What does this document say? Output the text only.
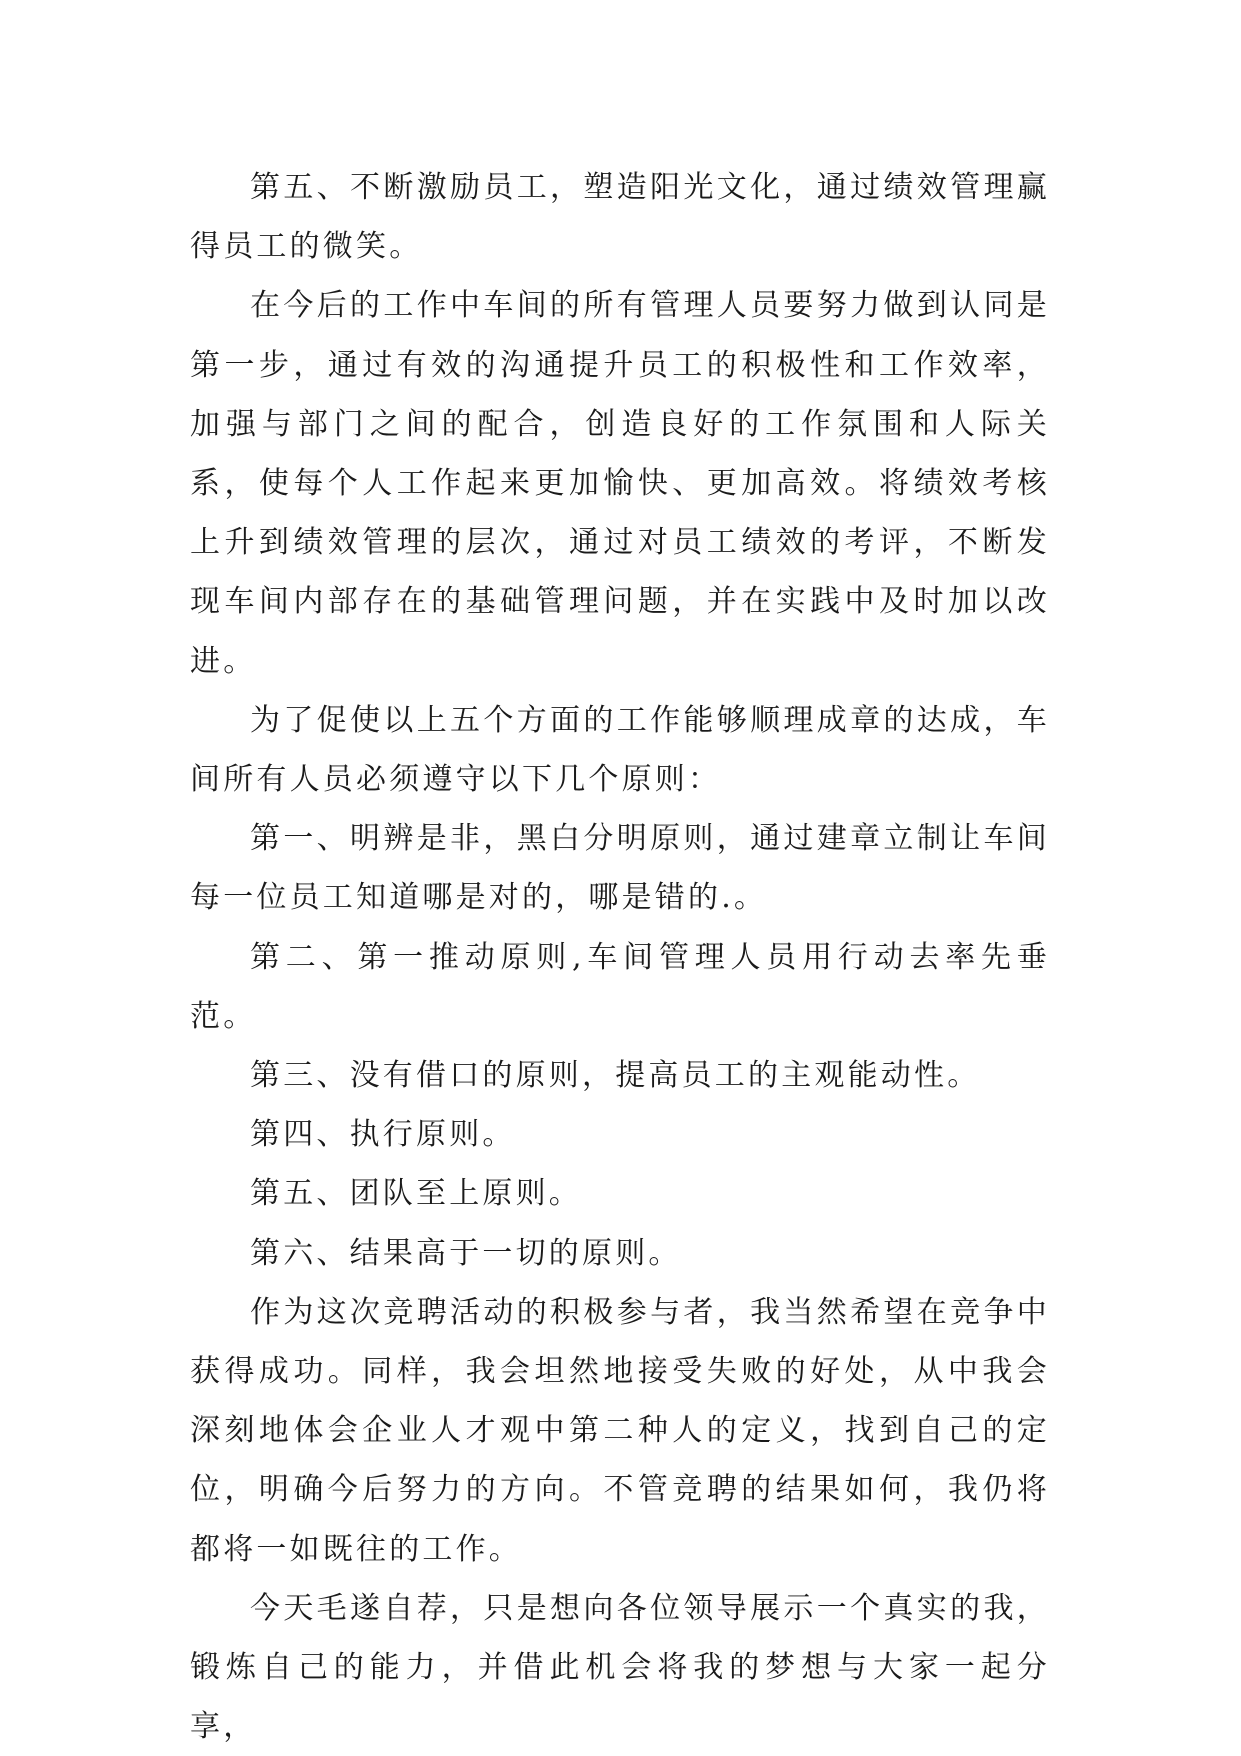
第五、不断激励员工，塑造阳光文化，通过绩效管理赢得员工的微笑。

在今后的工作中车间的所有管理人员要努力做到认同是第一步，通过有效的沟通提升员工的积极性和工作效率，加强与部门之间的配合，创造良好的工作氛围和人际关系，使每个人工作起来更加愉快、更加高效。将绩效考核上升到绩效管理的层次，通过对员工绩效的考评，不断发现车间内部存在的基础管理问题，并在实践中及时加以改进。

为了促使以上五个方面的工作能够顺理成章的达成，车间所有人员必须遵守以下几个原则：

第一、明辨是非，黑白分明原则，通过建章立制让车间每一位员工知道哪是对的，哪是错的.。

第二、第一推动原则,车间管理人员用行动去率先垂范。

第三、没有借口的原则，提高员工的主观能动性。

第四、执行原则。

第五、团队至上原则。

第六、结果高于一切的原则。

作为这次竞聘活动的积极参与者，我当然希望在竞争中获得成功。同样，我会坦然地接受失败的好处，从中我会深刻地体会企业人才观中第二种人的定义，找到自己的定位，明确今后努力的方向。不管竞聘的结果如何，我仍将都将一如既往的工作。

今天毛遂自荐，只是想向各位领导展示一个真实的我，锻炼自己的能力，并借此机会将我的梦想与大家一起分享，
